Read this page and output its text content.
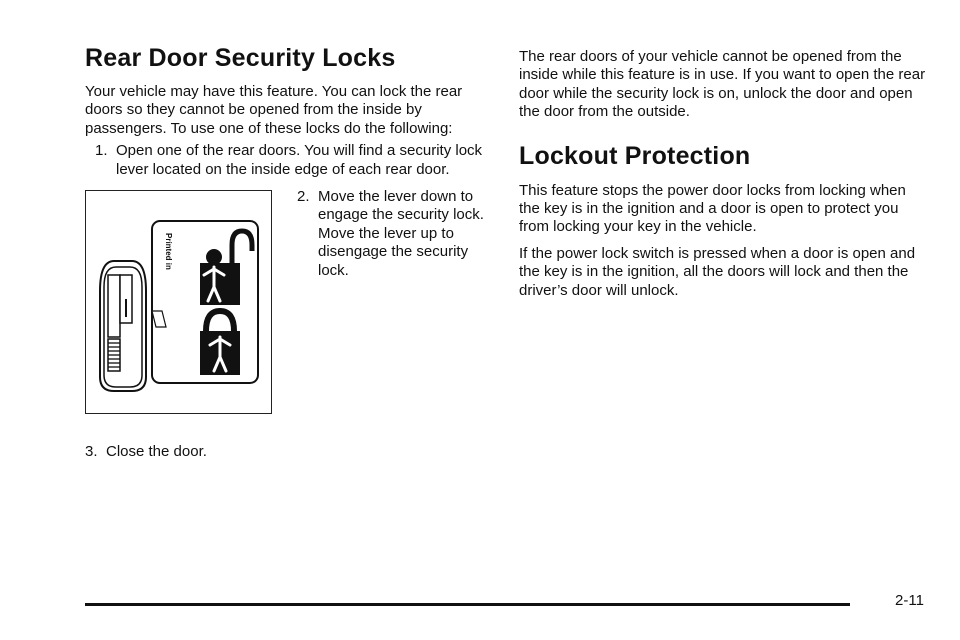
Rear Door Security Locks

Your vehicle may have this feature. You can lock the rear doors so they cannot be opened from the inside by passengers. To use one of these locks do the following:

1. Open one of the rear doors. You will find a security lock lever located on the inside edge of each rear door.
Printed in
2. Move the lever down to engage the security lock. Move the lever up to disengage the security lock.
3. Close the door.

The rear doors of your vehicle cannot be opened from the inside while this feature is in use. If you want to open the rear door while the security lock is on, unlock the door and open the door from the outside.

Lockout Protection

This feature stops the power door locks from locking when the key is in the ignition and a door is open to protect you from locking your key in the vehicle.

If the power lock switch is pressed when a door is open and the key is in the ignition, all the doors will lock and then the driver’s door will unlock.

2-11
